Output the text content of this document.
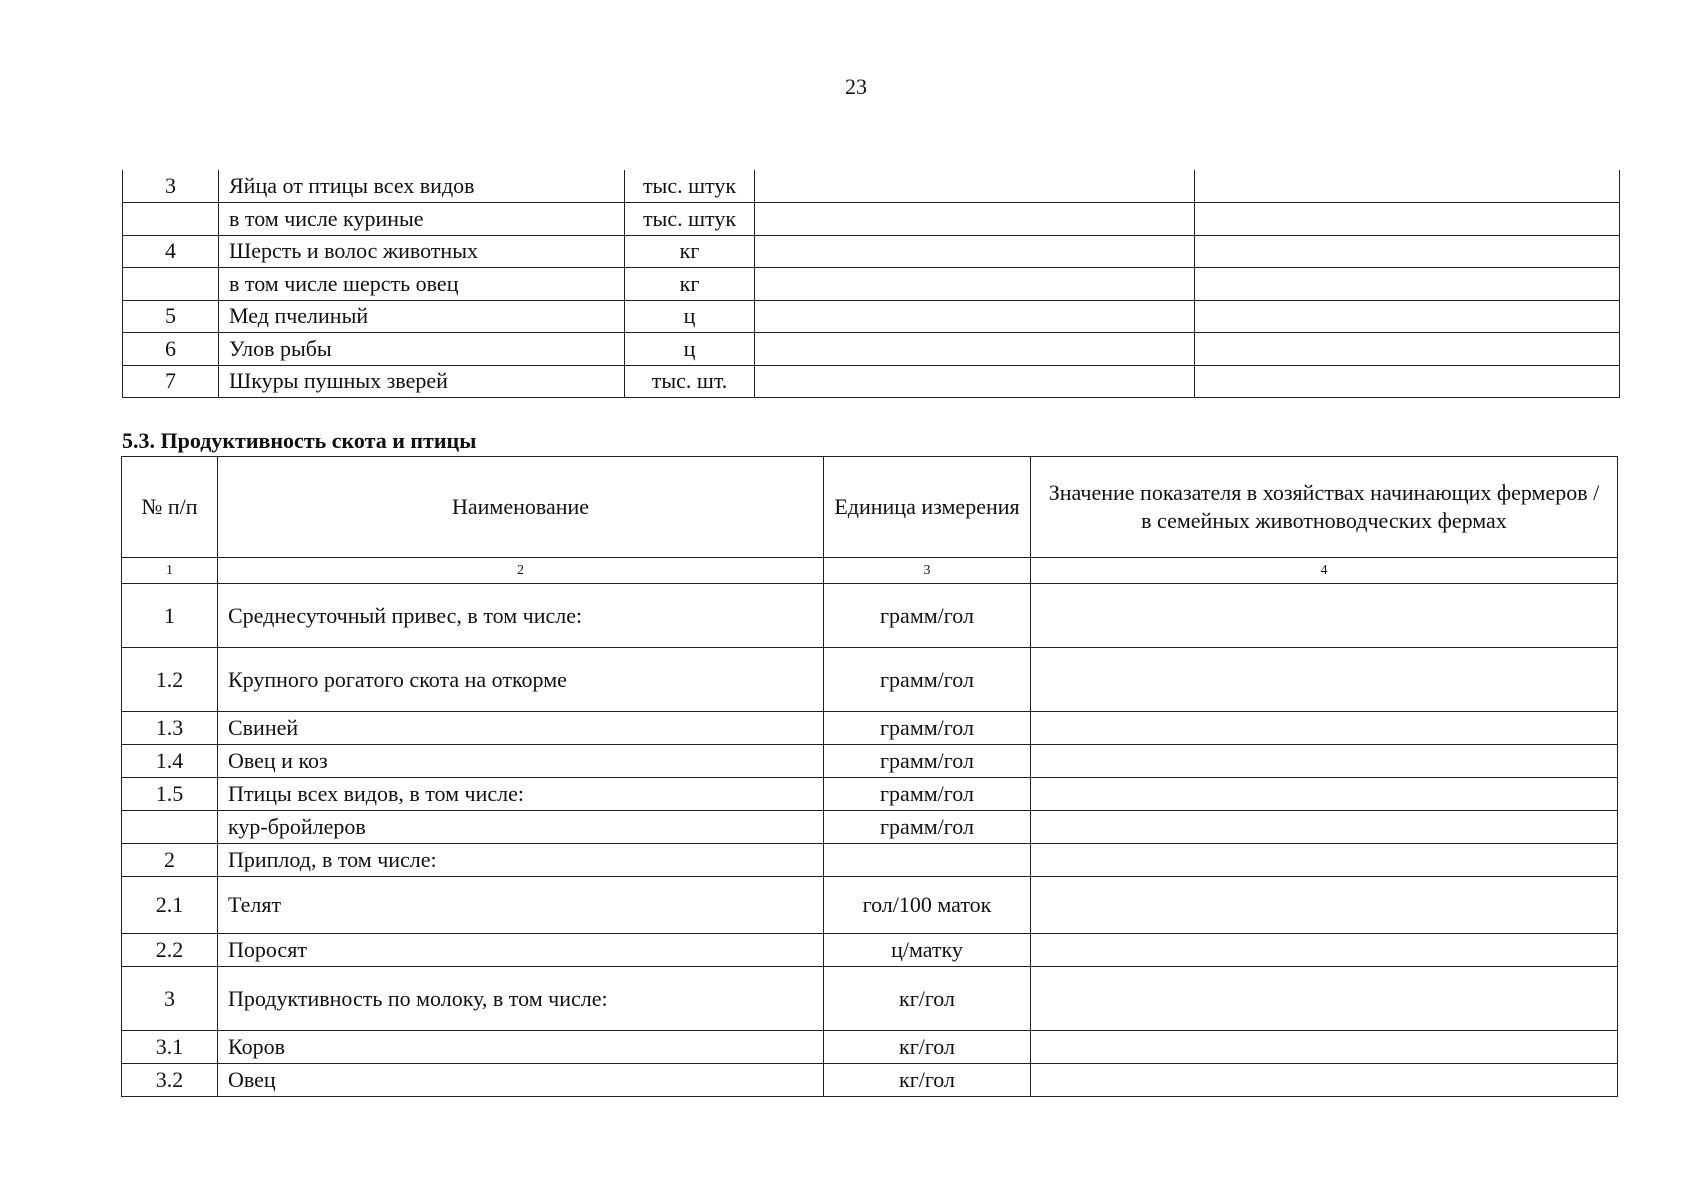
23
3	Яйца от птицы всех видов	тыс. штук		
	в том числе куриные	тыс. штук		
4	Шерсть и волос животных	кг		
	в том числе шерсть овец	кг		
5	Мед пчелиный	ц		
6	Улов рыбы	ц		
7	Шкуры пушных зверей	тыс. шт.		
5.3. Продуктивность скота и птицы
№ п/п	Наименование	Единица измерения	Значение показателя в хозяйствах начинающих фермеров / в семейных животноводческих фермах
1	2	3	4
1	Среднесуточный привес, в том числе:	грамм/гол	
1.2	Крупного рогатого скота на откорме	грамм/гол	
1.3	Свиней	грамм/гол	
1.4	Овец и коз	грамм/гол	
1.5	Птицы всех видов, в том числе:	грамм/гол	
	кур-бройлеров	грамм/гол	
2	Приплод, в том числе:		
2.1	Телят	гол/100 маток	
2.2	Поросят	ц/матку	
3	Продуктивность по молоку, в том числе:	кг/гол	
3.1	Коров	кг/гол	
3.2	Овец	кг/гол	
